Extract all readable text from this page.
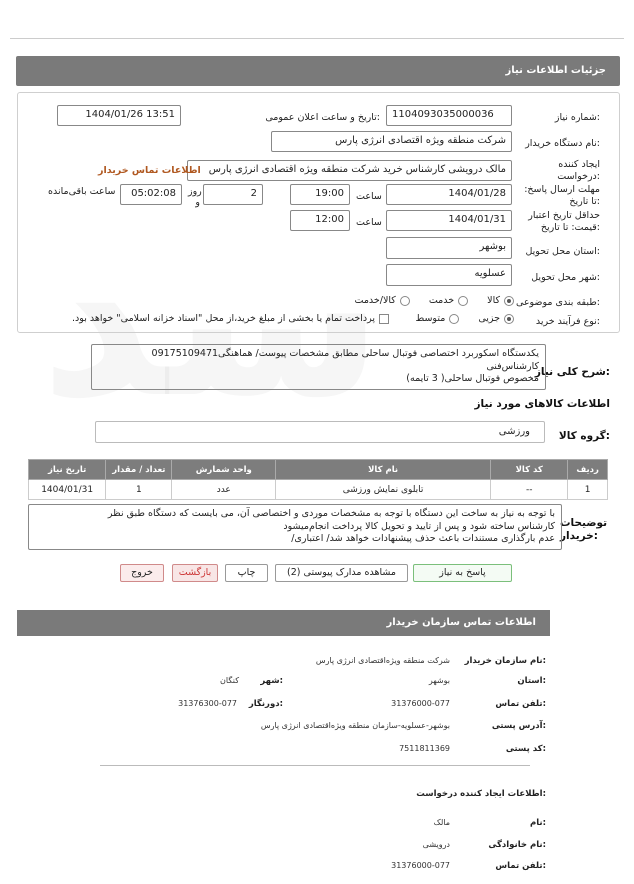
جزئیات اطلاعات نیاز
شماره نیاز:
1104093035000036
تاریخ و ساعت اعلان عمومی:
1404/01/26 13:51
نام دستگاه خریدار:
شرکت منطقه ویژه اقتصادی انرژی پارس
ایجاد کننده درخواست:
مالک درویشی کارشناس خرید شرکت منطقه ویژه اقتصادی انرژی پارس
اطلاعات تماس خریدار
مهلت ارسال پاسخ: تا تاریخ:
1404/01/28
ساعت
19:00
2
روز و
05:02:08
ساعت باقی‌مانده
حداقل تاریخ اعتبار قیمت: تا تاریخ:
1404/01/31
ساعت
12:00
استان محل تحویل:
بوشهر
شهر محل تحویل:
عسلویه
طبقه بندی موضوعی:
کالا

خدمت

کالا/خدمت
نوع فرآیند خرید:
جزیی

متوسط
پرداخت تمام یا بخشی از مبلغ خرید،از محل "اسناد خزانه اسلامی" خواهد بود.
شرح کلی نیاز:
یکدستگاه اسکوربرد اختصاصی فوتبال ساحلی مطابق مشخصات پیوست/ هماهنگی09175109471
کارشناس‌فنی
مخصوص فوتبال ساحلی( 3 تایمه)
اطلاعات کالاهای مورد نیاز
گروه کالا:
ورزشی
ردیف	کد کالا	نام کالا	واحد شمارش	تعداد / مقدار	تاریخ نیاز
1	--	تابلوی نمایش ورزشی	عدد	1	1404/01/31
توضیحات خریدار:
با توجه به نیاز به ساخت این دستگاه با توجه به مشخصات موردی و اختصاصی آن، می بایست که دستگاه طبق نظر
کارشناس ساخته شود و پس از تایید و تحویل کالا پرداخت انجام‌میشود
عدم بارگذاری مستندات باعث حذف پیشنهادات خواهد شد/ اعتباری/
پاسخ به نیاز
مشاهده مدارک پیوستی (2)
چاپ
بازگشت
خروج
اطلاعات تماس سازمان خریدار
نام سازمان خریدار:
شرکت منطقه ویژه‌اقتصادی انرژی پارس
استان:
بوشهر
شهر:
کنگان
تلفن تماس:
31376000-077
دورنگار:
31376300-077
آدرس پستی:
بوشهر-عسلویه-سازمان منطقه ویژه‌اقتصادی انرژی پارس
کد پستی:
7511811369
اطلاعات ایجاد کننده درخواست:
نام:
مالک
نام خانوادگی:
درویشی
تلفن تماس:
31376000-077
